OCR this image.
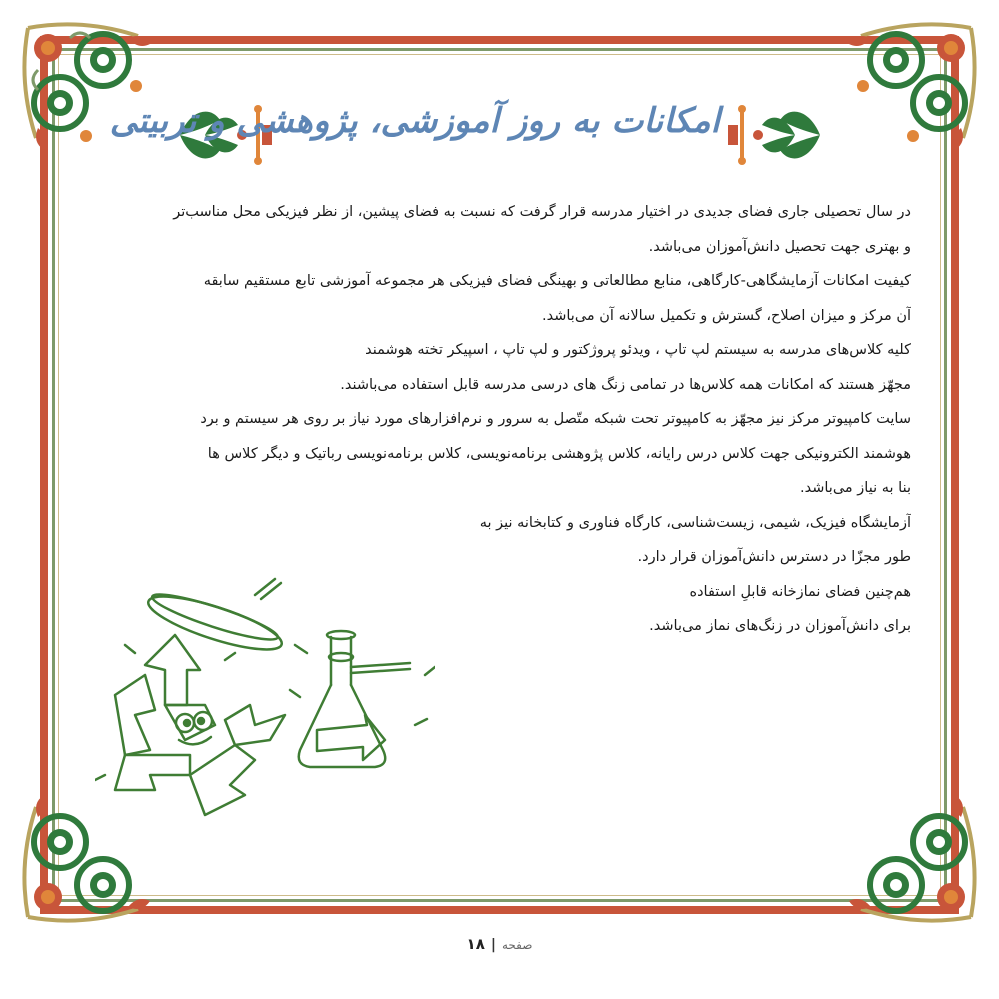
امکانات به روز آموزشی، پژوهشی و تربیتی
در سال تحصیلی جاری فضای جدیدی در اختیار مدرسه قرار گرفت که نسبت به فضای پیشین، از نظر فیزیکی محل مناسب‌تر
و بهتری جهت تحصیل دانش‌آموزان می‌باشد.
کیفیت امکانات آزمایشگاهی-کارگاهی، منابع مطالعاتی و بهینگی فضای فیزیکی هر مجموعه آموزشی تابع مستقیم سابقه
آن مرکز و میزان اصلاح، گسترش و تکمیل سالانه آن می‌باشد.
کلیه کلاس‌های مدرسه به سیستم لپ تاپ ، ویدئو پروژکتور و لپ تاپ ، اسپیکر تخته هوشمند
مجهّز هستند که امکانات همه کلاس‌ها در تمامی زنگ های درسی مدرسه قابل استفاده می‌باشند.
سایت کامپیوتر مرکز نیز مجهّز به کامپیوتر تحت شبکه متّصل به سرور و نرم‌افزارهای مورد نیاز بر روی هر سیستم و برد
هوشمند الکترونیکی جهت کلاس درس رایانه، کلاس پژوهشی برنامه‌نویسی، کلاس برنامه‌نویسی رباتیک و دیگر کلاس ها
بنا به نیاز می‌باشد.
آزمایشگاه فیزیک، شیمی، زیست‌شناسی، کارگاه فناوری و کتابخانه نیز به
طور مجزّا در دسترس دانش‌آموزان قرار دارد.
هم‌چنین فضای نمازخانه قابلِ استفاده
برای دانش‌آموزان در زنگ‌های نماز می‌باشد.
صفحه|۱۸
